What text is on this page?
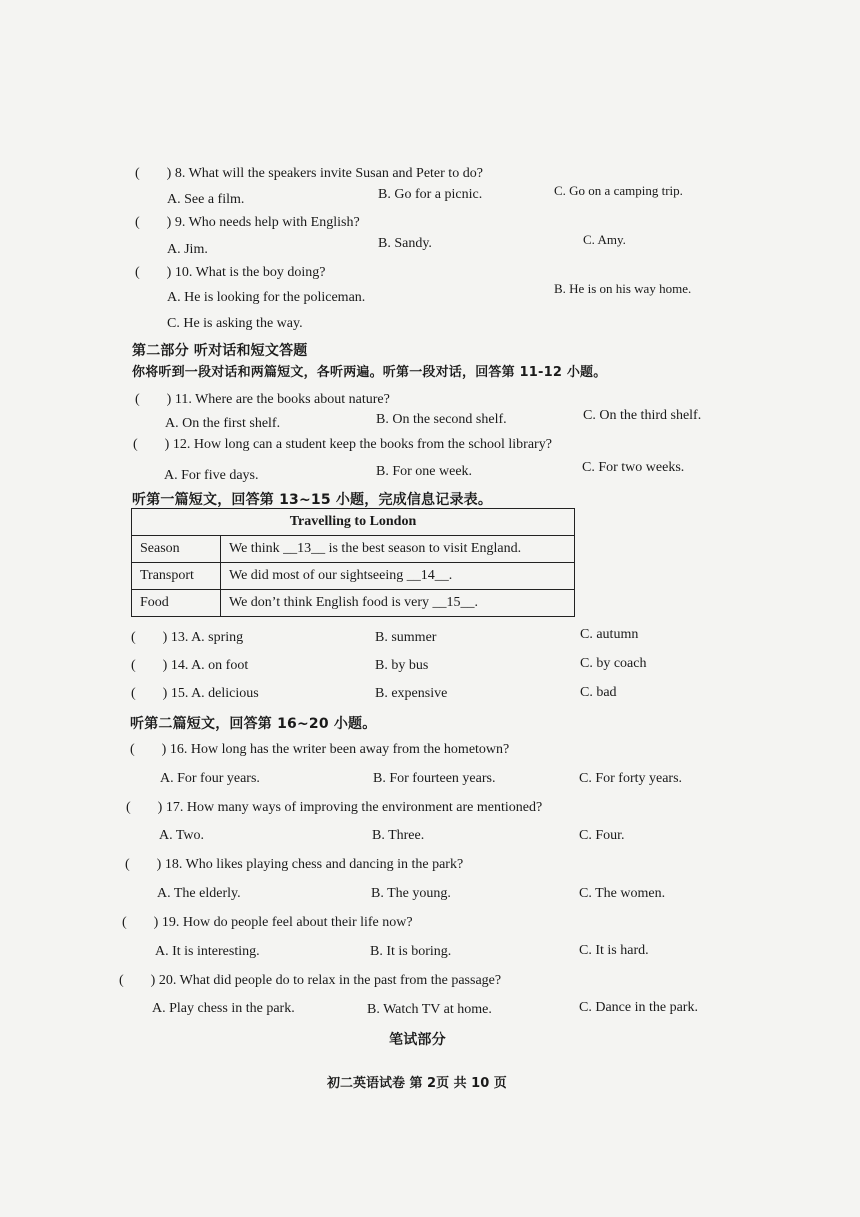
( ) 8. What will the speakers invite Susan and Peter to do?
A. See a film.	B. Go for a picnic.	C. Go on a camping trip.
( ) 9. Who needs help with English?
A. Jim.	B. Sandy.	C. Amy.
( ) 10. What is the boy doing?
A. He is looking for the policeman.
B. He is on his way home.
C. He is asking the way.
第二部分 听对话和短文答题
你将听到一段对话和两篇短文，各听两遍。听第一段对话，回答第 11-12 小题。
( ) 11. Where are the books about nature?
A. On the first shelf.	B. On the second shelf.	C. On the third shelf.
( ) 12. How long can a student keep the books from the school library?
A. For five days.	B. For one week.	C. For two weeks.
听第一篇短文，回答第 13~15 小题，完成信息记录表。
Travelling to London	
Season	We think __13__ is the best season to visit England.
Transport	We did most of our sightseeing __14__.
Food	We don’t think English food is very __15__.
( ) 13. A. spring	B. summer	C. autumn
( ) 14. A. on foot	B. by bus	C. by coach
( ) 15. A. delicious	B. expensive	C. bad
听第二篇短文，回答第 16~20 小题。
( ) 16. How long has the writer been away from the hometown?
A. For four years.	B. For fourteen years.	C. For forty years.
( ) 17. How many ways of improving the environment are mentioned?
A. Two.	B. Three.	C. Four.
( ) 18. Who likes playing chess and dancing in the park?
A. The elderly.	B. The young.	C. The women.
( ) 19. How do people feel about their life now?
A. It is interesting.	B. It is boring.	C. It is hard.
( ) 20. What did people do to relax in the past from the passage?
A. Play chess in the park.	B. Watch TV at home.	C. Dance in the park.
笔试部分
初二英语试卷 第 2页 共 10 页
